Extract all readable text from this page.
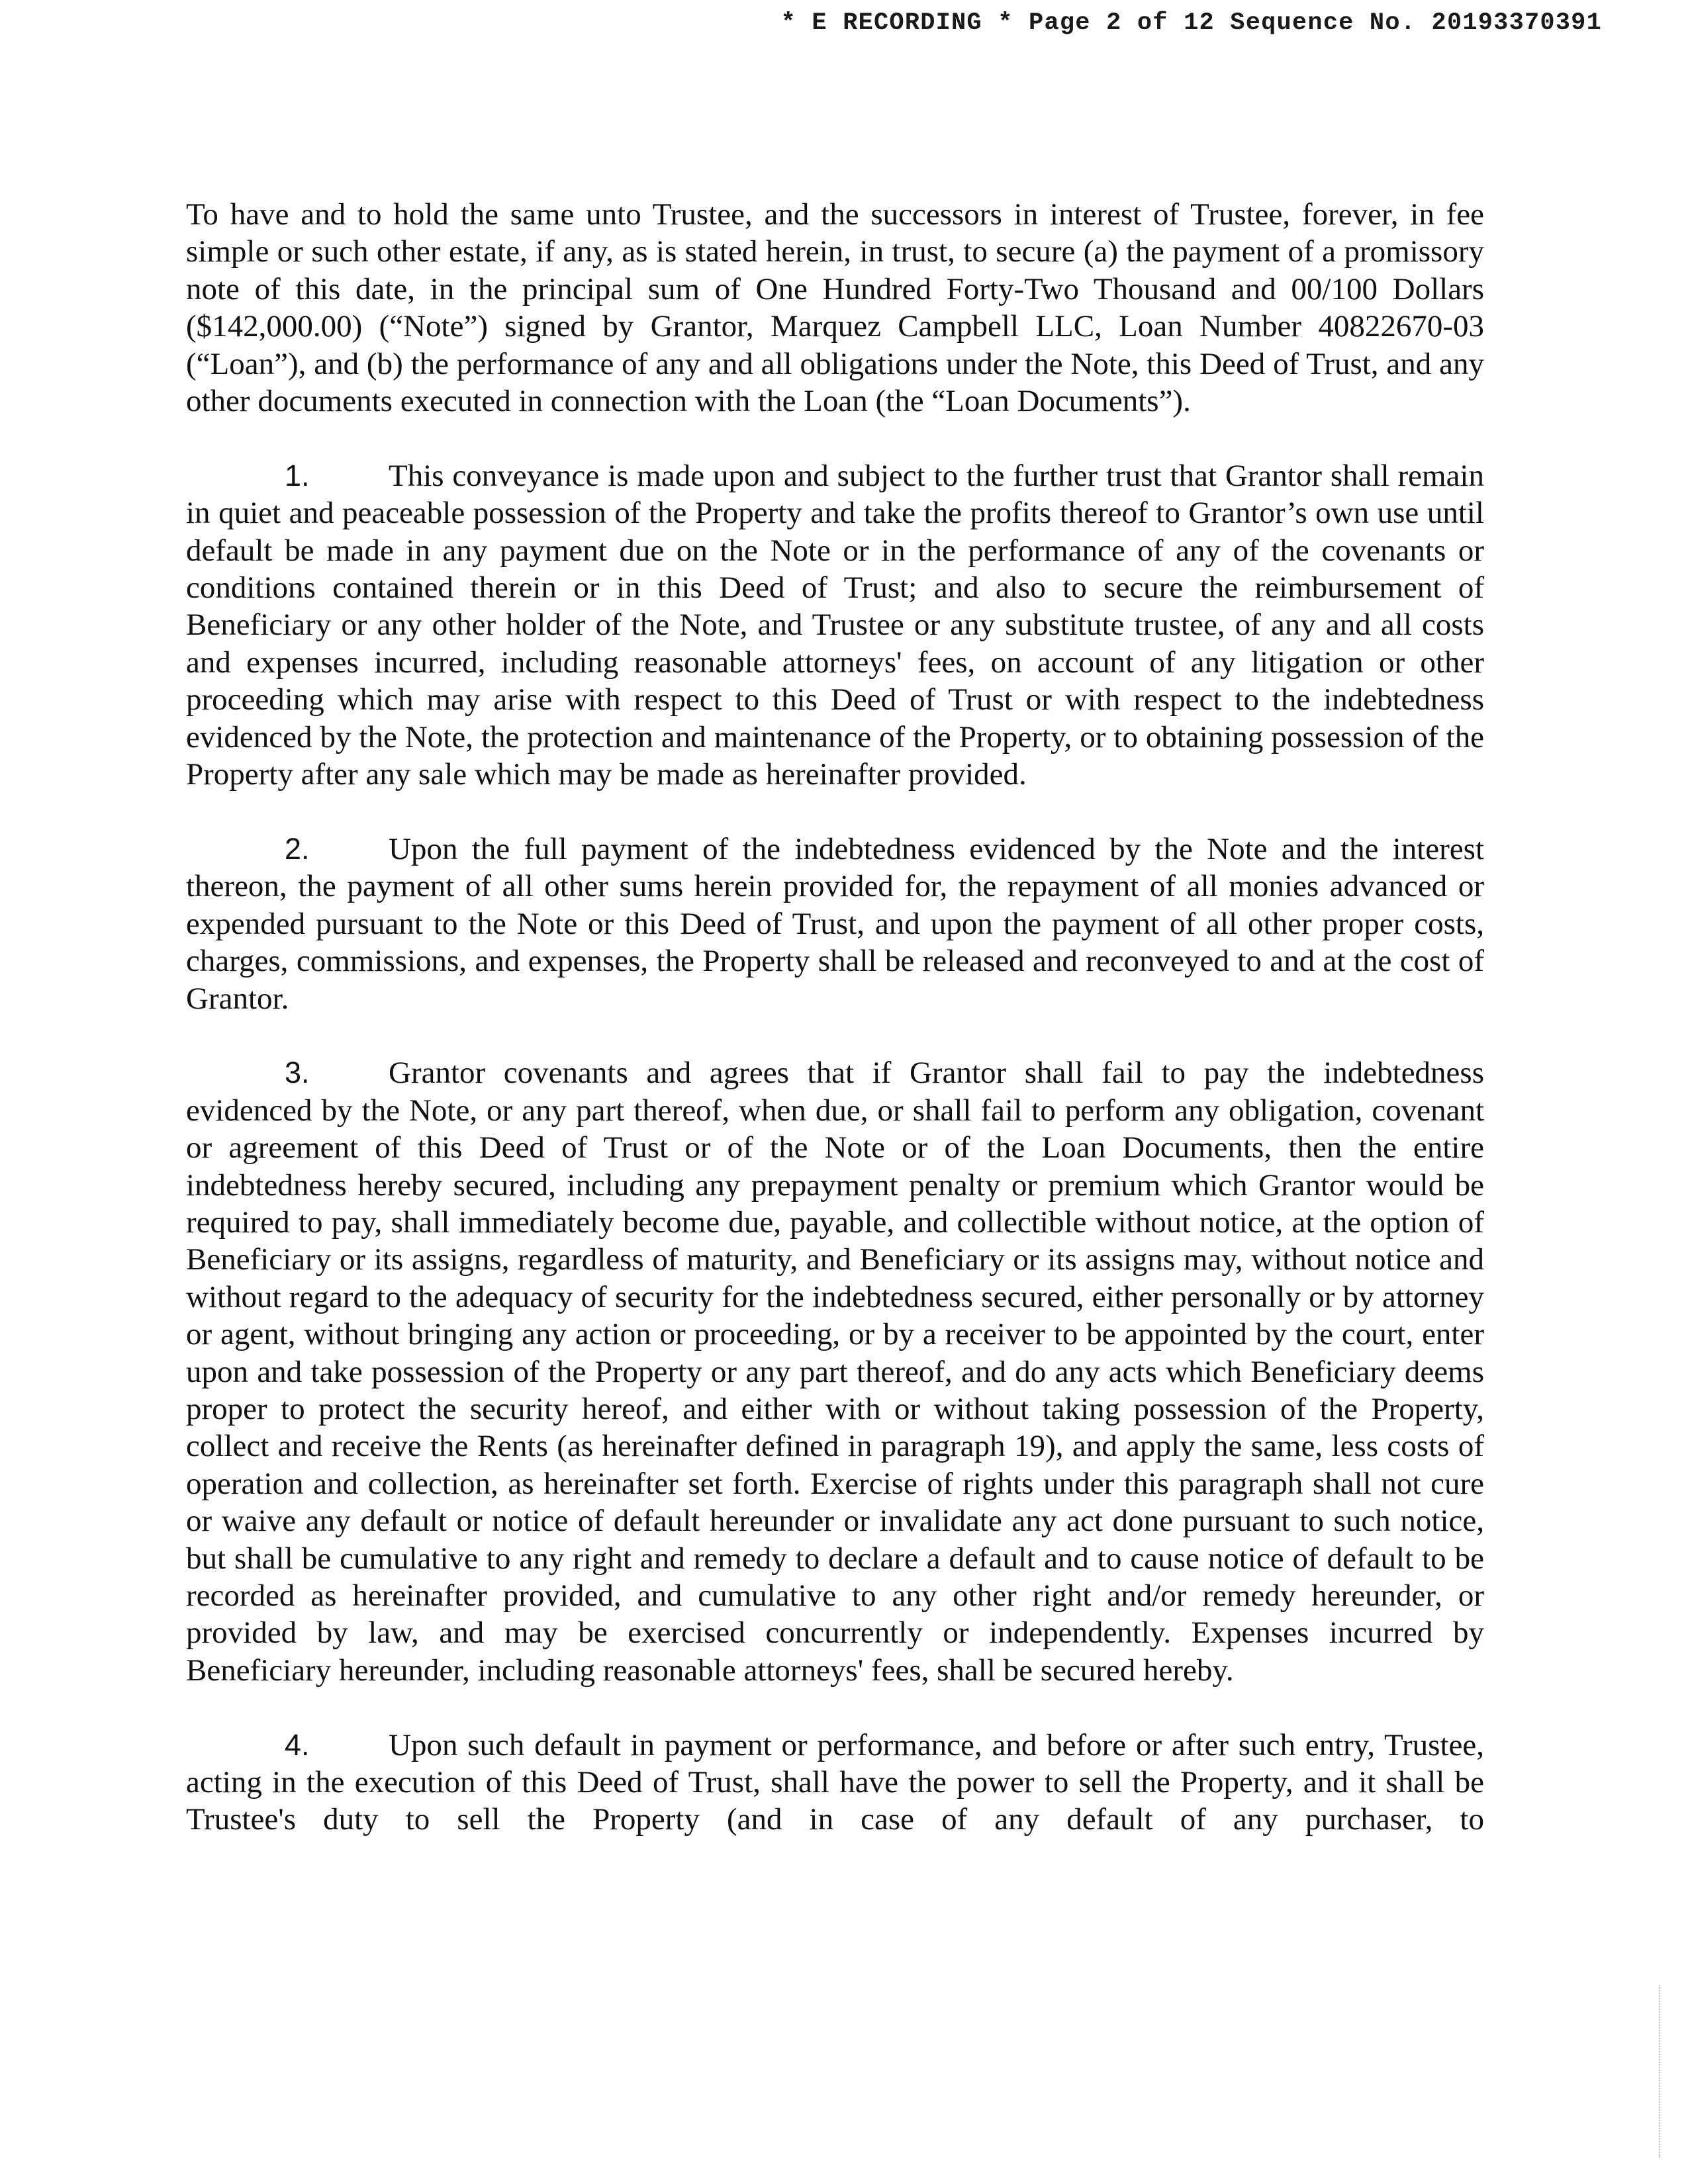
* E RECORDING * Page 2 of 12 Sequence No. 20193370391

To have and to hold the same unto Trustee, and the successors in interest of Trustee, forever, in fee simple or such other estate, if any, as is stated herein, in trust, to secure (a) the payment of a promissory note of this date, in the principal sum of One Hundred Forty-Two Thousand and 00/100 Dollars ($142,000.00) (“Note”) signed by Grantor, Marquez Campbell LLC, Loan Number 40822670-03 (“Loan”), and (b) the performance of any and all obligations under the Note, this Deed of Trust, and any other documents executed in connection with the Loan (the “Loan Documents”).

1.	This conveyance is made upon and subject to the further trust that Grantor shall remain in quiet and peaceable possession of the Property and take the profits thereof to Grantor’s own use until default be made in any payment due on the Note or in the performance of any of the covenants or conditions contained therein or in this Deed of Trust; and also to secure the reimbursement of Beneficiary or any other holder of the Note, and Trustee or any substitute trustee, of any and all costs and expenses incurred, including reasonable attorneys' fees, on account of any litigation or other proceeding which may arise with respect to this Deed of Trust or with respect to the indebtedness evidenced by the Note, the protection and maintenance of the Property, or to obtaining possession of the Property after any sale which may be made as hereinafter provided.

2.	Upon the full payment of the indebtedness evidenced by the Note and the interest thereon, the payment of all other sums herein provided for, the repayment of all monies advanced or expended pursuant to the Note or this Deed of Trust, and upon the payment of all other proper costs, charges, commissions, and expenses, the Property shall be released and reconveyed to and at the cost of Grantor.

3.	Grantor covenants and agrees that if Grantor shall fail to pay the indebtedness evidenced by the Note, or any part thereof, when due, or shall fail to perform any obligation, covenant or agreement of this Deed of Trust or of the Note or of the Loan Documents, then the entire indebtedness hereby secured, including any prepayment penalty or premium which Grantor would be required to pay, shall immediately become due, payable, and collectible without notice, at the option of Beneficiary or its assigns, regardless of maturity, and Beneficiary or its assigns may, without notice and without regard to the adequacy of security for the indebtedness secured, either personally or by attorney or agent, without bringing any action or proceeding, or by a receiver to be appointed by the court, enter upon and take possession of the Property or any part thereof, and do any acts which Beneficiary deems proper to protect the security hereof, and either with or without taking possession of the Property, collect and receive the Rents (as hereinafter defined in paragraph 19), and apply the same, less costs of operation and collection, as hereinafter set forth. Exercise of rights under this paragraph shall not cure or waive any default or notice of default hereunder or invalidate any act done pursuant to such notice, but shall be cumulative to any right and remedy to declare a default and to cause notice of default to be recorded as hereinafter provided, and cumulative to any other right and/or remedy hereunder, or provided by law, and may be exercised concurrently or independently. Expenses incurred by Beneficiary hereunder, including reasonable attorneys' fees, shall be secured hereby.

4.	Upon such default in payment or performance, and before or after such entry, Trustee, acting in the execution of this Deed of Trust, shall have the power to sell the Property, and it shall be Trustee's duty to sell the Property (and in case of any default of any purchaser, to
